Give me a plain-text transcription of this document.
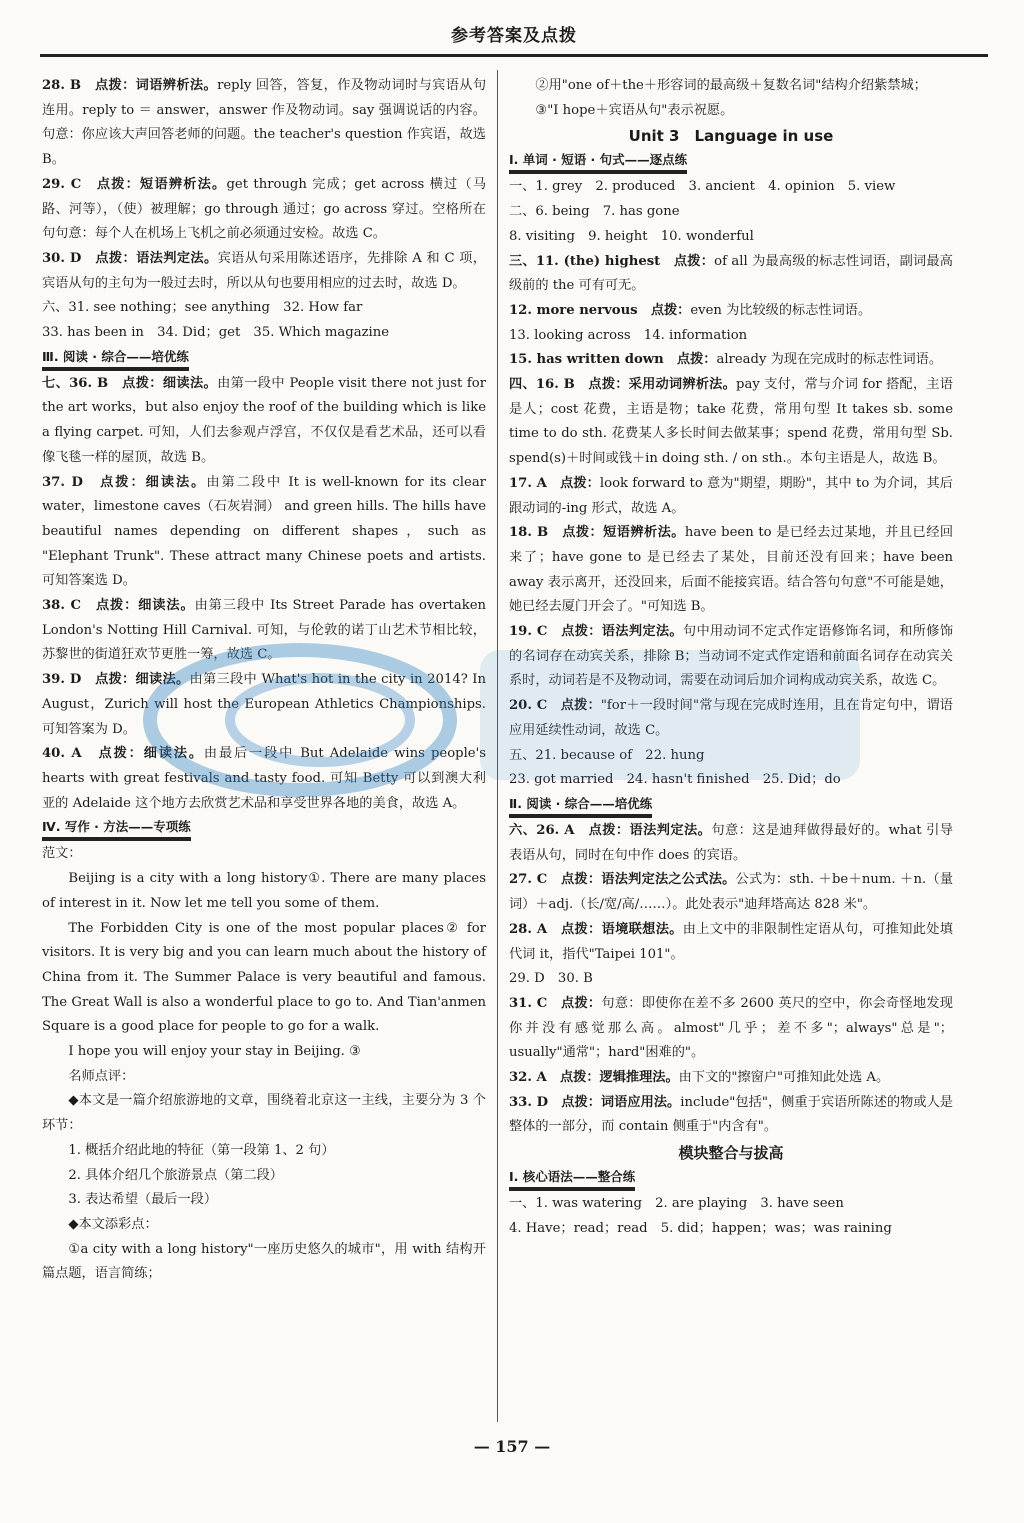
参考答案及点拨

28. B　点拨：词语辨析法。reply 回答，答复，作及物动词时与宾语从句连用。reply to ＝ answer，answer 作及物动词。say 强调说话的内容。句意：你应该大声回答老师的问题。the teacher's question 作宾语，故选 B。

29. C　点拨：短语辨析法。get through 完成；get across 横过（马路、河等），（使）被理解；go through 通过；go across 穿过。空格所在句句意：每个人在机场上飞机之前必须通过安检。故选 C。

30. D　点拨：语法判定法。宾语从句采用陈述语序，先排除 A 和 C 项，宾语从句的主句为一般过去时，所以从句也要用相应的过去时，故选 D。

六、31. see nothing；see anything　32. How far

33. has been in　34. Did；get　35. Which magazine

Ⅲ. 阅读 · 综合——培优练

七、36. B　点拨：细读法。由第一段中 People visit there not just for the art works，but also enjoy the roof of the building which is like a flying carpet. 可知，人们去参观卢浮宫，不仅仅是看艺术品，还可以看像飞毯一样的屋顶，故选 B。

37. D　点拨：细读法。由第二段中 It is well-known for its clear water，limestone caves（石灰岩洞） and green hills. The hills have beautiful names depending on different shapes，such as "Elephant Trunk". These attract many Chinese poets and artists. 可知答案选 D。

38. C　点拨：细读法。由第三段中 Its Street Parade has overtaken London's Notting Hill Carnival. 可知，与伦敦的诺丁山艺术节相比较，苏黎世的街道狂欢节更胜一筹，故选 C。

39. D　点拨：细读法。由第三段中 What's hot in the city in 2014? In August，Zurich will host the European Athletics Championships. 可知答案为 D。

40. A　点拨：细读法。由最后一段中 But Adelaide wins people's hearts with great festivals and tasty food. 可知 Betty 可以到澳大利亚的 Adelaide 这个地方去欣赏艺术品和享受世界各地的美食，故选 A。

Ⅳ. 写作 · 方法——专项练

范文：

Beijing is a city with a long history①. There are many places of interest in it. Now let me tell you some of them.

The Forbidden City is one of the most popular places② for visitors. It is very big and you can learn much about the history of China from it. The Summer Palace is very beautiful and famous. The Great Wall is also a wonderful place to go to. And Tian'anmen Square is a good place for people to go for a walk.

I hope you will enjoy your stay in Beijing. ③

名师点评：

◆本文是一篇介绍旅游地的文章，围绕着北京这一主线，主要分为 3 个环节：

1. 概括介绍此地的特征（第一段第 1、2 句）

2. 具体介绍几个旅游景点（第二段）

3. 表达希望（最后一段）

◆本文添彩点：

①a city with a long history"一座历史悠久的城市"，用 with 结构开篇点题，语言简练；

②用"one of＋the＋形容词的最高级＋复数名词"结构介绍紫禁城；

③"I hope＋宾语从句"表示祝愿。

Unit 3　Language in use
Ⅰ. 单词 · 短语 · 句式——逐点练

一、1. grey　2. produced　3. ancient　4. opinion　5. view

二、6. being　7. has gone

8. visiting　9. height　10. wonderful

三、11. (the) highest　点拨：of all 为最高级的标志性词语，副词最高级前的 the 可有可无。

12. more nervous　点拨：even 为比较级的标志性词语。

13. looking across　14. information

15. has written down　点拨：already 为现在完成时的标志性词语。

四、16. B　点拨：采用动词辨析法。pay 支付，常与介词 for 搭配，主语是人；cost 花费，主语是物；take 花费，常用句型 It takes sb. some time to do sth. 花费某人多长时间去做某事；spend 花费，常用句型 Sb. spend(s)＋时间或钱＋in doing sth. / on sth.。本句主语是人，故选 B。

17. A　点拨：look forward to 意为"期望，期盼"，其中 to 为介词，其后跟动词的-ing 形式，故选 A。

18. B　点拨：短语辨析法。have been to 是已经去过某地，并且已经回来了；have gone to 是已经去了某处，目前还没有回来；have been away 表示离开，还没回来，后面不能接宾语。结合答句句意"不可能是她，她已经去厦门开会了。"可知选 B。

19. C　点拨：语法判定法。句中用动词不定式作定语修饰名词，和所修饰的名词存在动宾关系，排除 B；当动词不定式作定语和前面名词存在动宾关系时，动词若是不及物动词，需要在动词后加介词构成动宾关系，故选 C。

20. C　点拨："for＋一段时间"常与现在完成时连用，且在肯定句中，谓语应用延续性动词，故选 C。

五、21. because of　22. hung

23. got married　24. hasn't finished　25. Did；do

Ⅱ. 阅读 · 综合——培优练

六、26. A　点拨：语法判定法。句意：这是迪拜做得最好的。what 引导表语从句，同时在句中作 does 的宾语。

27. C　点拨：语法判定法之公式法。公式为：sth. ＋be＋num. ＋n.（量词）＋adj.（长/宽/高/……）。此处表示"迪拜塔高达 828 米"。

28. A　点拨：语境联想法。由上文中的非限制性定语从句，可推知此处填代词 it，指代"Taipei 101"。

29. D　30. B

31. C　点拨：句意：即使你在差不多 2600 英尺的空中，你会奇怪地发现你并没有感觉那么高。almost"几乎；差不多"；always"总是"；usually"通常"；hard"困难的"。

32. A　点拨：逻辑推理法。由下文的"擦窗户"可推知此处选 A。

33. D　点拨：词语应用法。include"包括"，侧重于宾语所陈述的物或人是整体的一部分，而 contain 侧重于"内含有"。

模块整合与拔高
Ⅰ. 核心语法——整合练

一、1. was watering　2. are playing　3. have seen

4. Have；read；read　5. did；happen；was；was raining

— 157 —
